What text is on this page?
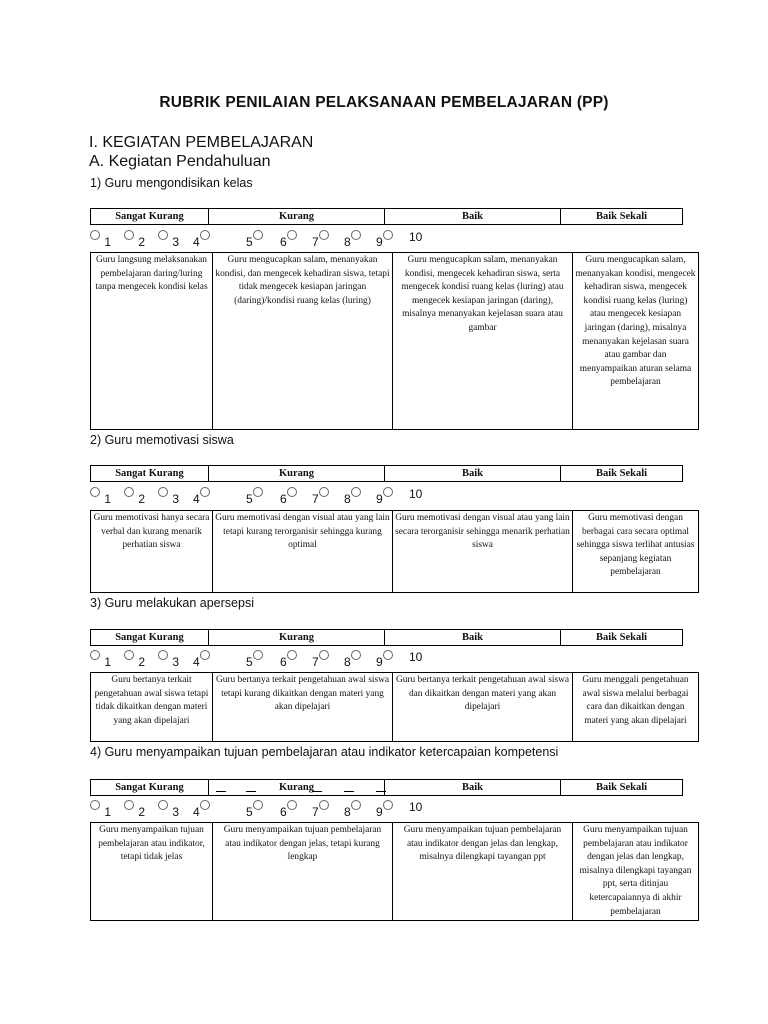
RUBRIK PENILAIAN PELAKSANAAN PEMBELAJARAN (PP)
I. KEGIATAN PEMBELAJARAN
A. Kegiatan Pendahuluan
1) Guru mengondisikan kelas
Sangat Kurang	Kurang	Baik	Baik Sekali
1	2	3 4	5	6	7	8	9	10
Guru langsung melaksanakan pembelajaran daring/luring tanpa mengecek kondisi kelas	Guru mengucapkan salam, menanyakan kondisi, dan mengecek kehadiran siswa, tetapi tidak mengecek kesiapan jaringan (daring)/kondisi ruang kelas (luring)	Guru mengucapkan salam, menanyakan kondisi, mengecek kehadiran siswa, serta mengecek kondisi ruang kelas (luring) atau mengecek kesiapan jaringan (daring), misalnya menanyakan kejelasan suara atau gambar	Guru mengucapkan salam, menanyakan kondisi, mengecek kehadiran siswa, mengecek kondisi ruang kelas (luring) atau mengecek kesiapan jaringan (daring), misalnya menanyakan kejelasan suara atau gambar dan menyampaikan aturan selama pembelajaran
2) Guru memotivasi siswa
Sangat Kurang	Kurang	Baik	Baik Sekali
1	2	3 4	5	6	7	8	9	10
Guru memotivasi hanya secara verbal dan kurang menarik perhatian siswa	Guru memotivasi dengan visual atau yang lain tetapi kurang terorganisir sehingga kurang optimal	Guru memotivasi dengan visual atau yang lain secara terorganisir sehingga menarik perhatian siswa	Guru memotivasi dengan berbagai cara secara optimal sehingga siswa terlihat antusias sepanjang kegiatan pembelajaran
3) Guru melakukan apersepsi
Sangat Kurang	Kurang	Baik	Baik Sekali
1	2	3 4	5	6	7	8	9	10
Guru bertanya terkait pengetahuan awal siswa tetapi tidak dikaitkan dengan materi yang akan dipelajari	Guru bertanya terkait pengetahuan awal siswa tetapi kurang dikaitkan dengan materi yang akan dipelajari	Guru bertanya terkait pengetahuan awal siswa dan dikaitkan dengan materi yang akan dipelajari	Guru menggali pengetahuan awal siswa melalui berbagai cara dan dikaitkan dengan materi yang akan dipelajari
4) Guru menyampaikan tujuan pembelajaran atau indikator ketercapaian kompetensi
Sangat Kurang	Kurang	Baik	Baik Sekali
1	2	3 4	5	6	7	8	9	10
Guru menyampaikan tujuan pembelajaran atau indikator, tetapi tidak jelas	Guru menyampaikan tujuan pembelajaran atau indikator dengan jelas, tetapi kurang lengkap	Guru menyampaikan tujuan pembelajaran atau indikator dengan jelas dan lengkap, misalnya dilengkapi tayangan ppt	Guru menyampaikan tujuan pembelajaran atau indikator dengan jelas dan lengkap, misalnya dilengkapi tayangan ppt, serta ditinjau ketercapaiannya di akhir pembelajaran
